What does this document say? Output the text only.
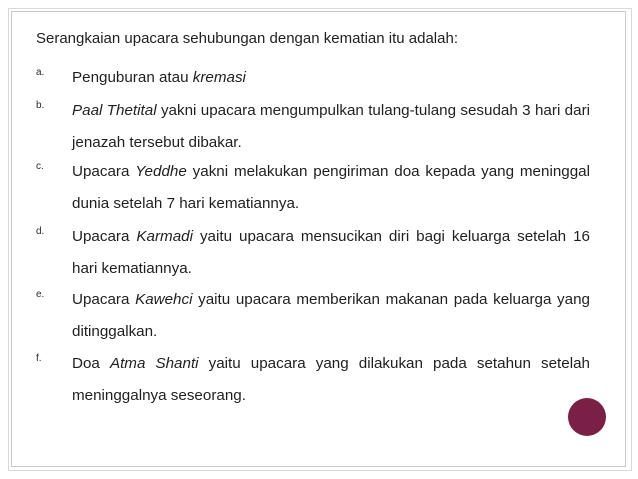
Serangkaian upacara sehubungan dengan kematian itu adalah:
a. Penguburan atau kremasi
b. Paal Thetital yakni upacara mengumpulkan tulang-tulang sesudah 3 hari dari jenazah tersebut dibakar.
c. Upacara Yeddhe yakni melakukan pengiriman doa kepada yang meninggal dunia setelah 7 hari kematiannya.
d. Upacara Karmadi yaitu upacara mensucikan diri bagi keluarga setelah 16 hari kematiannya.
e. Upacara Kawehci yaitu upacara memberikan makanan pada keluarga yang ditinggalkan.
f. Doa Atma Shanti yaitu upacara yang dilakukan pada setahun setelah meninggalnya seseorang.
